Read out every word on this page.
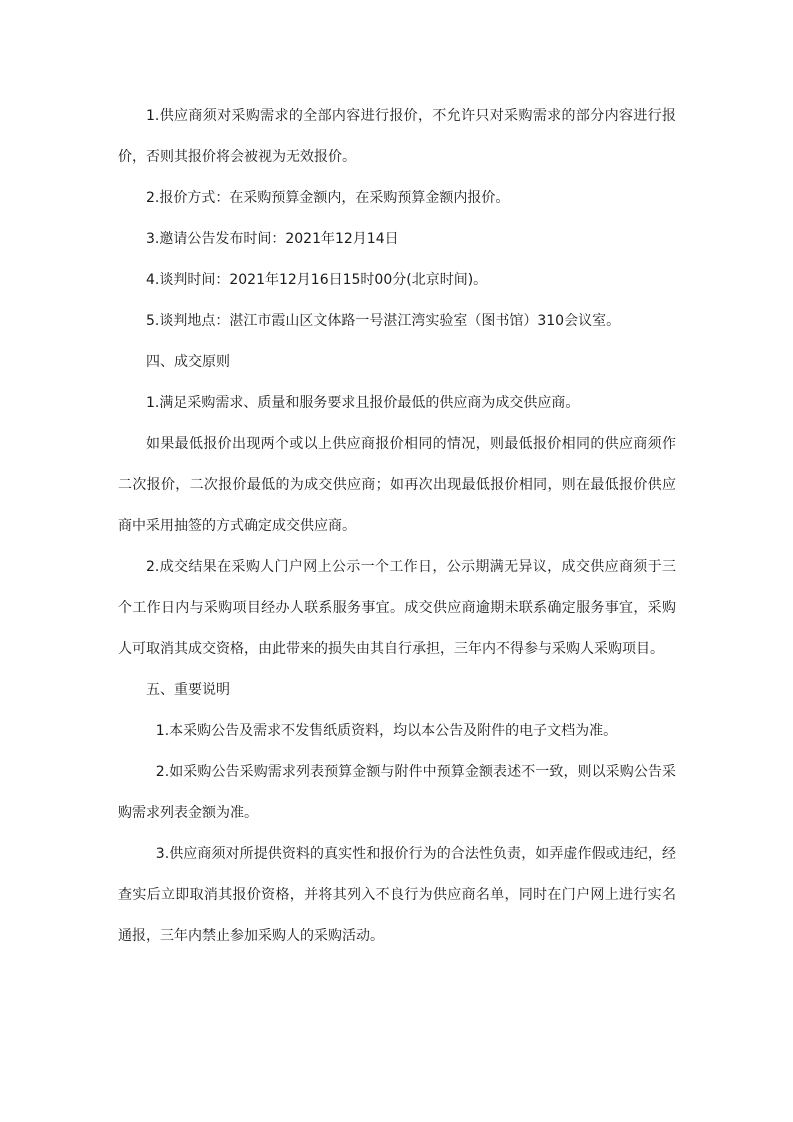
1.供应商须对采购需求的全部内容进行报价，不允许只对采购需求的部分内容进行报价，否则其报价将会被视为无效报价。

2.报价方式：在采购预算金额内，在采购预算金额内报价。

3.邀请公告发布时间：2021年12月14日

4.谈判时间：2021年12月16日15时00分(北京时间)。

5.谈判地点：湛江市霞山区文体路一号湛江湾实验室（图书馆）310会议室。

四、成交原则

1.满足采购需求、质量和服务要求且报价最低的供应商为成交供应商。

如果最低报价出现两个或以上供应商报价相同的情况，则最低报价相同的供应商须作二次报价，二次报价最低的为成交供应商；如再次出现最低报价相同，则在最低报价供应商中采用抽签的方式确定成交供应商。

2.成交结果在采购人门户网上公示一个工作日，公示期满无异议，成交供应商须于三个工作日内与采购项目经办人联系服务事宜。成交供应商逾期未联系确定服务事宜，采购人可取消其成交资格，由此带来的损失由其自行承担，三年内不得参与采购人采购项目。

五、重要说明

1.本采购公告及需求不发售纸质资料，均以本公告及附件的电子文档为准。

2.如采购公告采购需求列表预算金额与附件中预算金额表述不一致，则以采购公告采购需求列表金额为准。

3.供应商须对所提供资料的真实性和报价行为的合法性负责，如弄虚作假或违纪，经查实后立即取消其报价资格，并将其列入不良行为供应商名单，同时在门户网上进行实名通报，三年内禁止参加采购人的采购活动。
